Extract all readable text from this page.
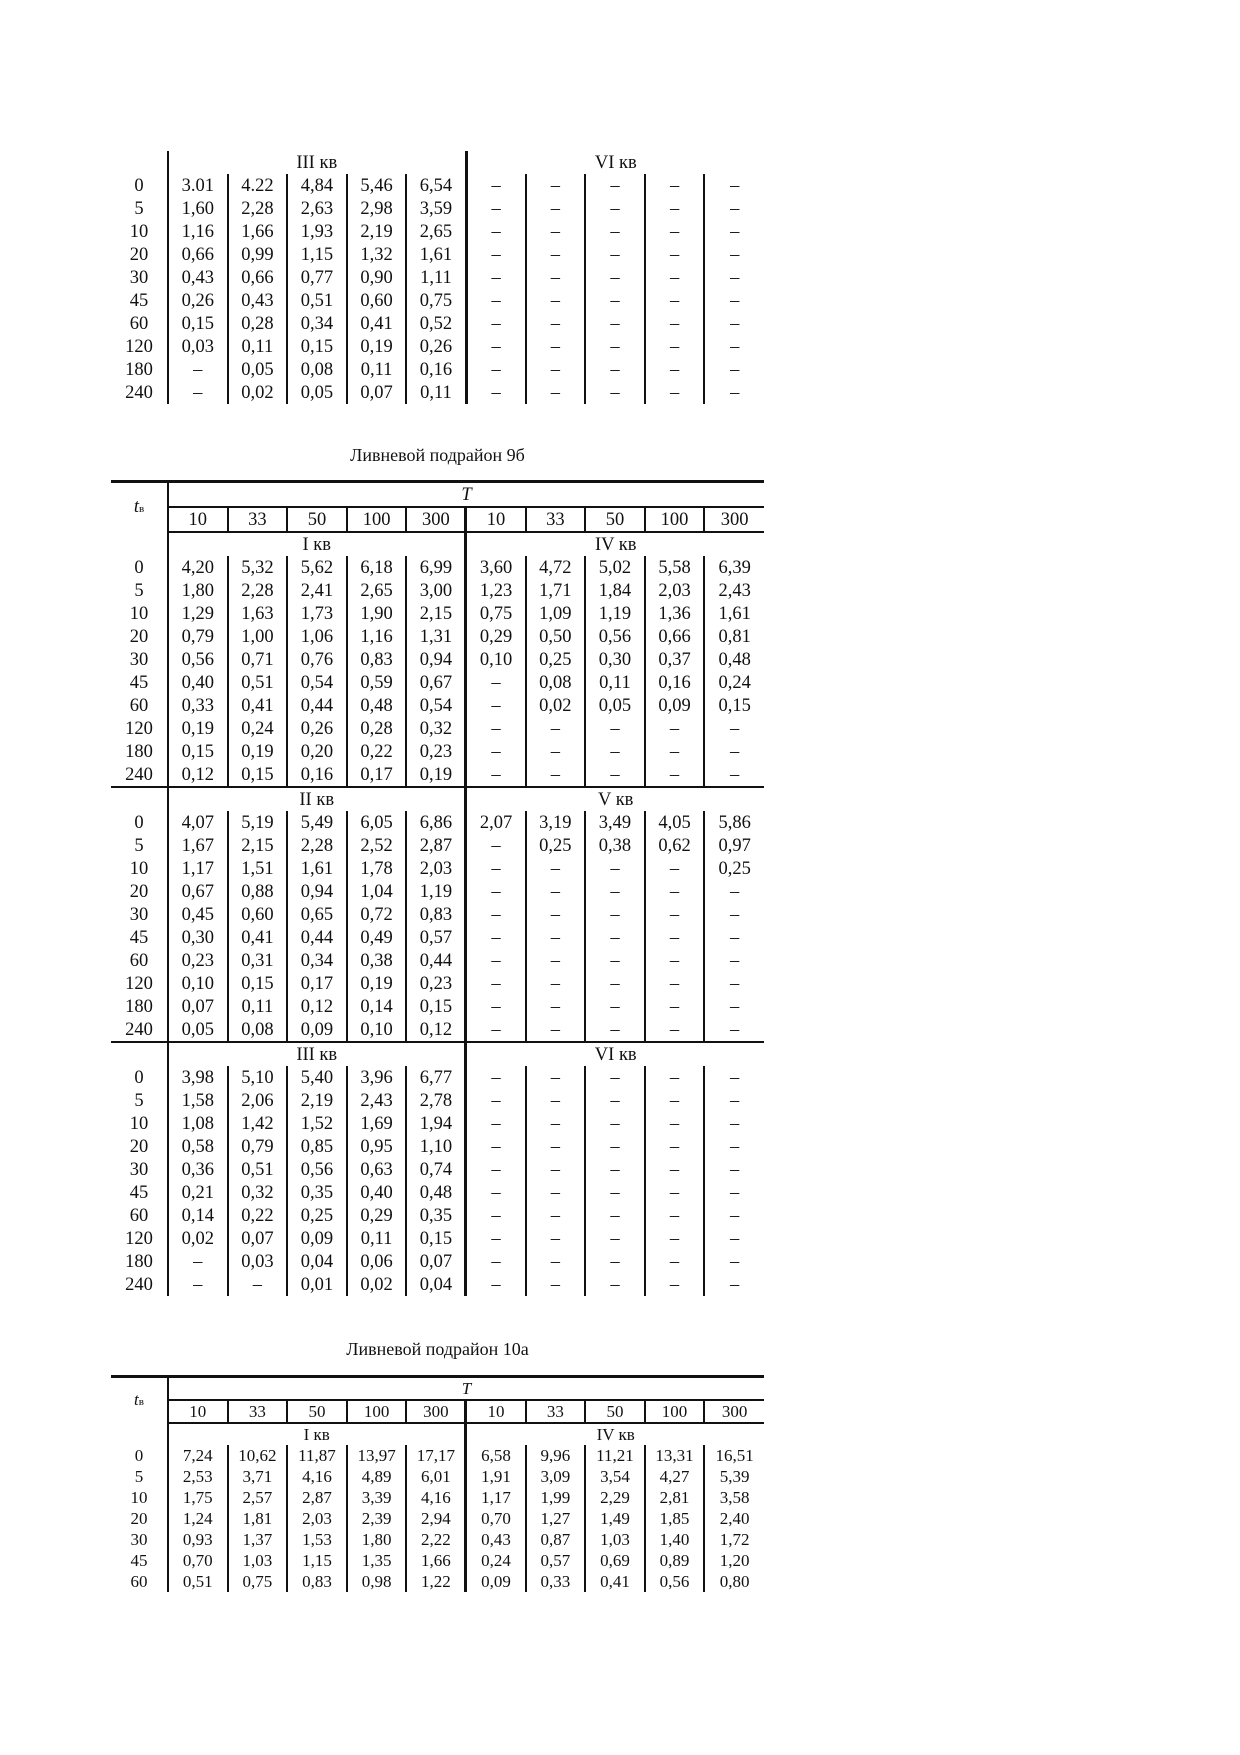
	III кв					VI кв				
0	3.01	4.22	4,84	5,46	6,54	–	–	–	–	–
5	1,60	2,28	2,63	2,98	3,59	–	–	–	–	–
10	1,16	1,66	1,93	2,19	2,65	–	–	–	–	–
20	0,66	0,99	1,15	1,32	1,61	–	–	–	–	–
30	0,43	0,66	0,77	0,90	1,11	–	–	–	–	–
45	0,26	0,43	0,51	0,60	0,75	–	–	–	–	–
60	0,15	0,28	0,34	0,41	0,52	–	–	–	–	–
120	0,03	0,11	0,15	0,19	0,26	–	–	–	–	–
180	–	0,05	0,08	0,11	0,16	–	–	–	–	–
240	–	0,02	0,05	0,07	0,11	–	–	–	–	–
Ливневой подрайон 9б
tв	T									
	10	33	50	100	300	10	33	50	100	300
	I кв					IV кв				
0	4,20	5,32	5,62	6,18	6,99	3,60	4,72	5,02	5,58	6,39
5	1,80	2,28	2,41	2,65	3,00	1,23	1,71	1,84	2,03	2,43
10	1,29	1,63	1,73	1,90	2,15	0,75	1,09	1,19	1,36	1,61
20	0,79	1,00	1,06	1,16	1,31	0,29	0,50	0,56	0,66	0,81
30	0,56	0,71	0,76	0,83	0,94	0,10	0,25	0,30	0,37	0,48
45	0,40	0,51	0,54	0,59	0,67	–	0,08	0,11	0,16	0,24
60	0,33	0,41	0,44	0,48	0,54	–	0,02	0,05	0,09	0,15
120	0,19	0,24	0,26	0,28	0,32	–	–	–	–	–
180	0,15	0,19	0,20	0,22	0,23	–	–	–	–	–
240	0,12	0,15	0,16	0,17	0,19	–	–	–	–	–
	II кв					V кв				
0	4,07	5,19	5,49	6,05	6,86	2,07	3,19	3,49	4,05	5,86
5	1,67	2,15	2,28	2,52	2,87	–	0,25	0,38	0,62	0,97
10	1,17	1,51	1,61	1,78	2,03	–	–	–	–	0,25
20	0,67	0,88	0,94	1,04	1,19	–	–	–	–	–
30	0,45	0,60	0,65	0,72	0,83	–	–	–	–	–
45	0,30	0,41	0,44	0,49	0,57	–	–	–	–	–
60	0,23	0,31	0,34	0,38	0,44	–	–	–	–	–
120	0,10	0,15	0,17	0,19	0,23	–	–	–	–	–
180	0,07	0,11	0,12	0,14	0,15	–	–	–	–	–
240	0,05	0,08	0,09	0,10	0,12	–	–	–	–	–
	III кв					VI кв				
0	3,98	5,10	5,40	3,96	6,77	–	–	–	–	–
5	1,58	2,06	2,19	2,43	2,78	–	–	–	–	–
10	1,08	1,42	1,52	1,69	1,94	–	–	–	–	–
20	0,58	0,79	0,85	0,95	1,10	–	–	–	–	–
30	0,36	0,51	0,56	0,63	0,74	–	–	–	–	–
45	0,21	0,32	0,35	0,40	0,48	–	–	–	–	–
60	0,14	0,22	0,25	0,29	0,35	–	–	–	–	–
120	0,02	0,07	0,09	0,11	0,15	–	–	–	–	–
180	–	0,03	0,04	0,06	0,07	–	–	–	–	–
240	–	–	0,01	0,02	0,04	–	–	–	–	–
Ливневой подрайон 10а
tв	T									
	10	33	50	100	300	10	33	50	100	300
	I кв					IV кв				
0	7,24	10,62	11,87	13,97	17,17	6,58	9,96	11,21	13,31	16,51
5	2,53	3,71	4,16	4,89	6,01	1,91	3,09	3,54	4,27	5,39
10	1,75	2,57	2,87	3,39	4,16	1,17	1,99	2,29	2,81	3,58
20	1,24	1,81	2,03	2,39	2,94	0,70	1,27	1,49	1,85	2,40
30	0,93	1,37	1,53	1,80	2,22	0,43	0,87	1,03	1,40	1,72
45	0,70	1,03	1,15	1,35	1,66	0,24	0,57	0,69	0,89	1,20
60	0,51	0,75	0,83	0,98	1,22	0,09	0,33	0,41	0,56	0,80
